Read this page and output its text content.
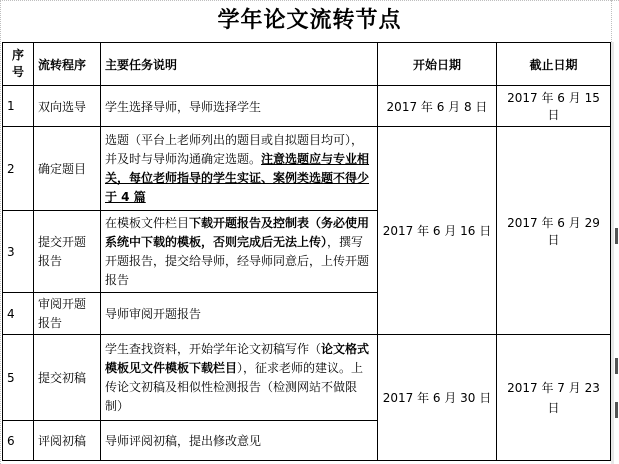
学年论文流转节点
序号	流转程序	主要任务说明	开始日期	截止日期
1	双向选导	学生选择导师，导师选择学生	2017 年 6 月 8 日	2017 年 6 月 15 日
2	确定题目	选题（平台上老师列出的题目或自拟题目均可），并及时与导师沟通确定选题。注意选题应与专业相关，每位老师指导的学生实证、案例类选题不得少于 4 篇	2017 年 6 月 16 日	2017 年 6 月 29 日
3	提交开题报告	在模板文件栏目下载开题报告及控制表（务必使用系统中下载的模板，否则完成后无法上传），撰写开题报告，提交给导师，经导师同意后，上传开题报告		
4	审阅开题报告	导师审阅开题报告		
5	提交初稿	学生查找资料，开始学年论文初稿写作（论文格式模板见文件模板下载栏目），征求老师的建议。上传论文初稿及相似性检测报告（检测网站不做限制）	2017 年 6 月 30 日	2017 年 7 月 23 日
6	评阅初稿	导师评阅初稿，提出修改意见		
